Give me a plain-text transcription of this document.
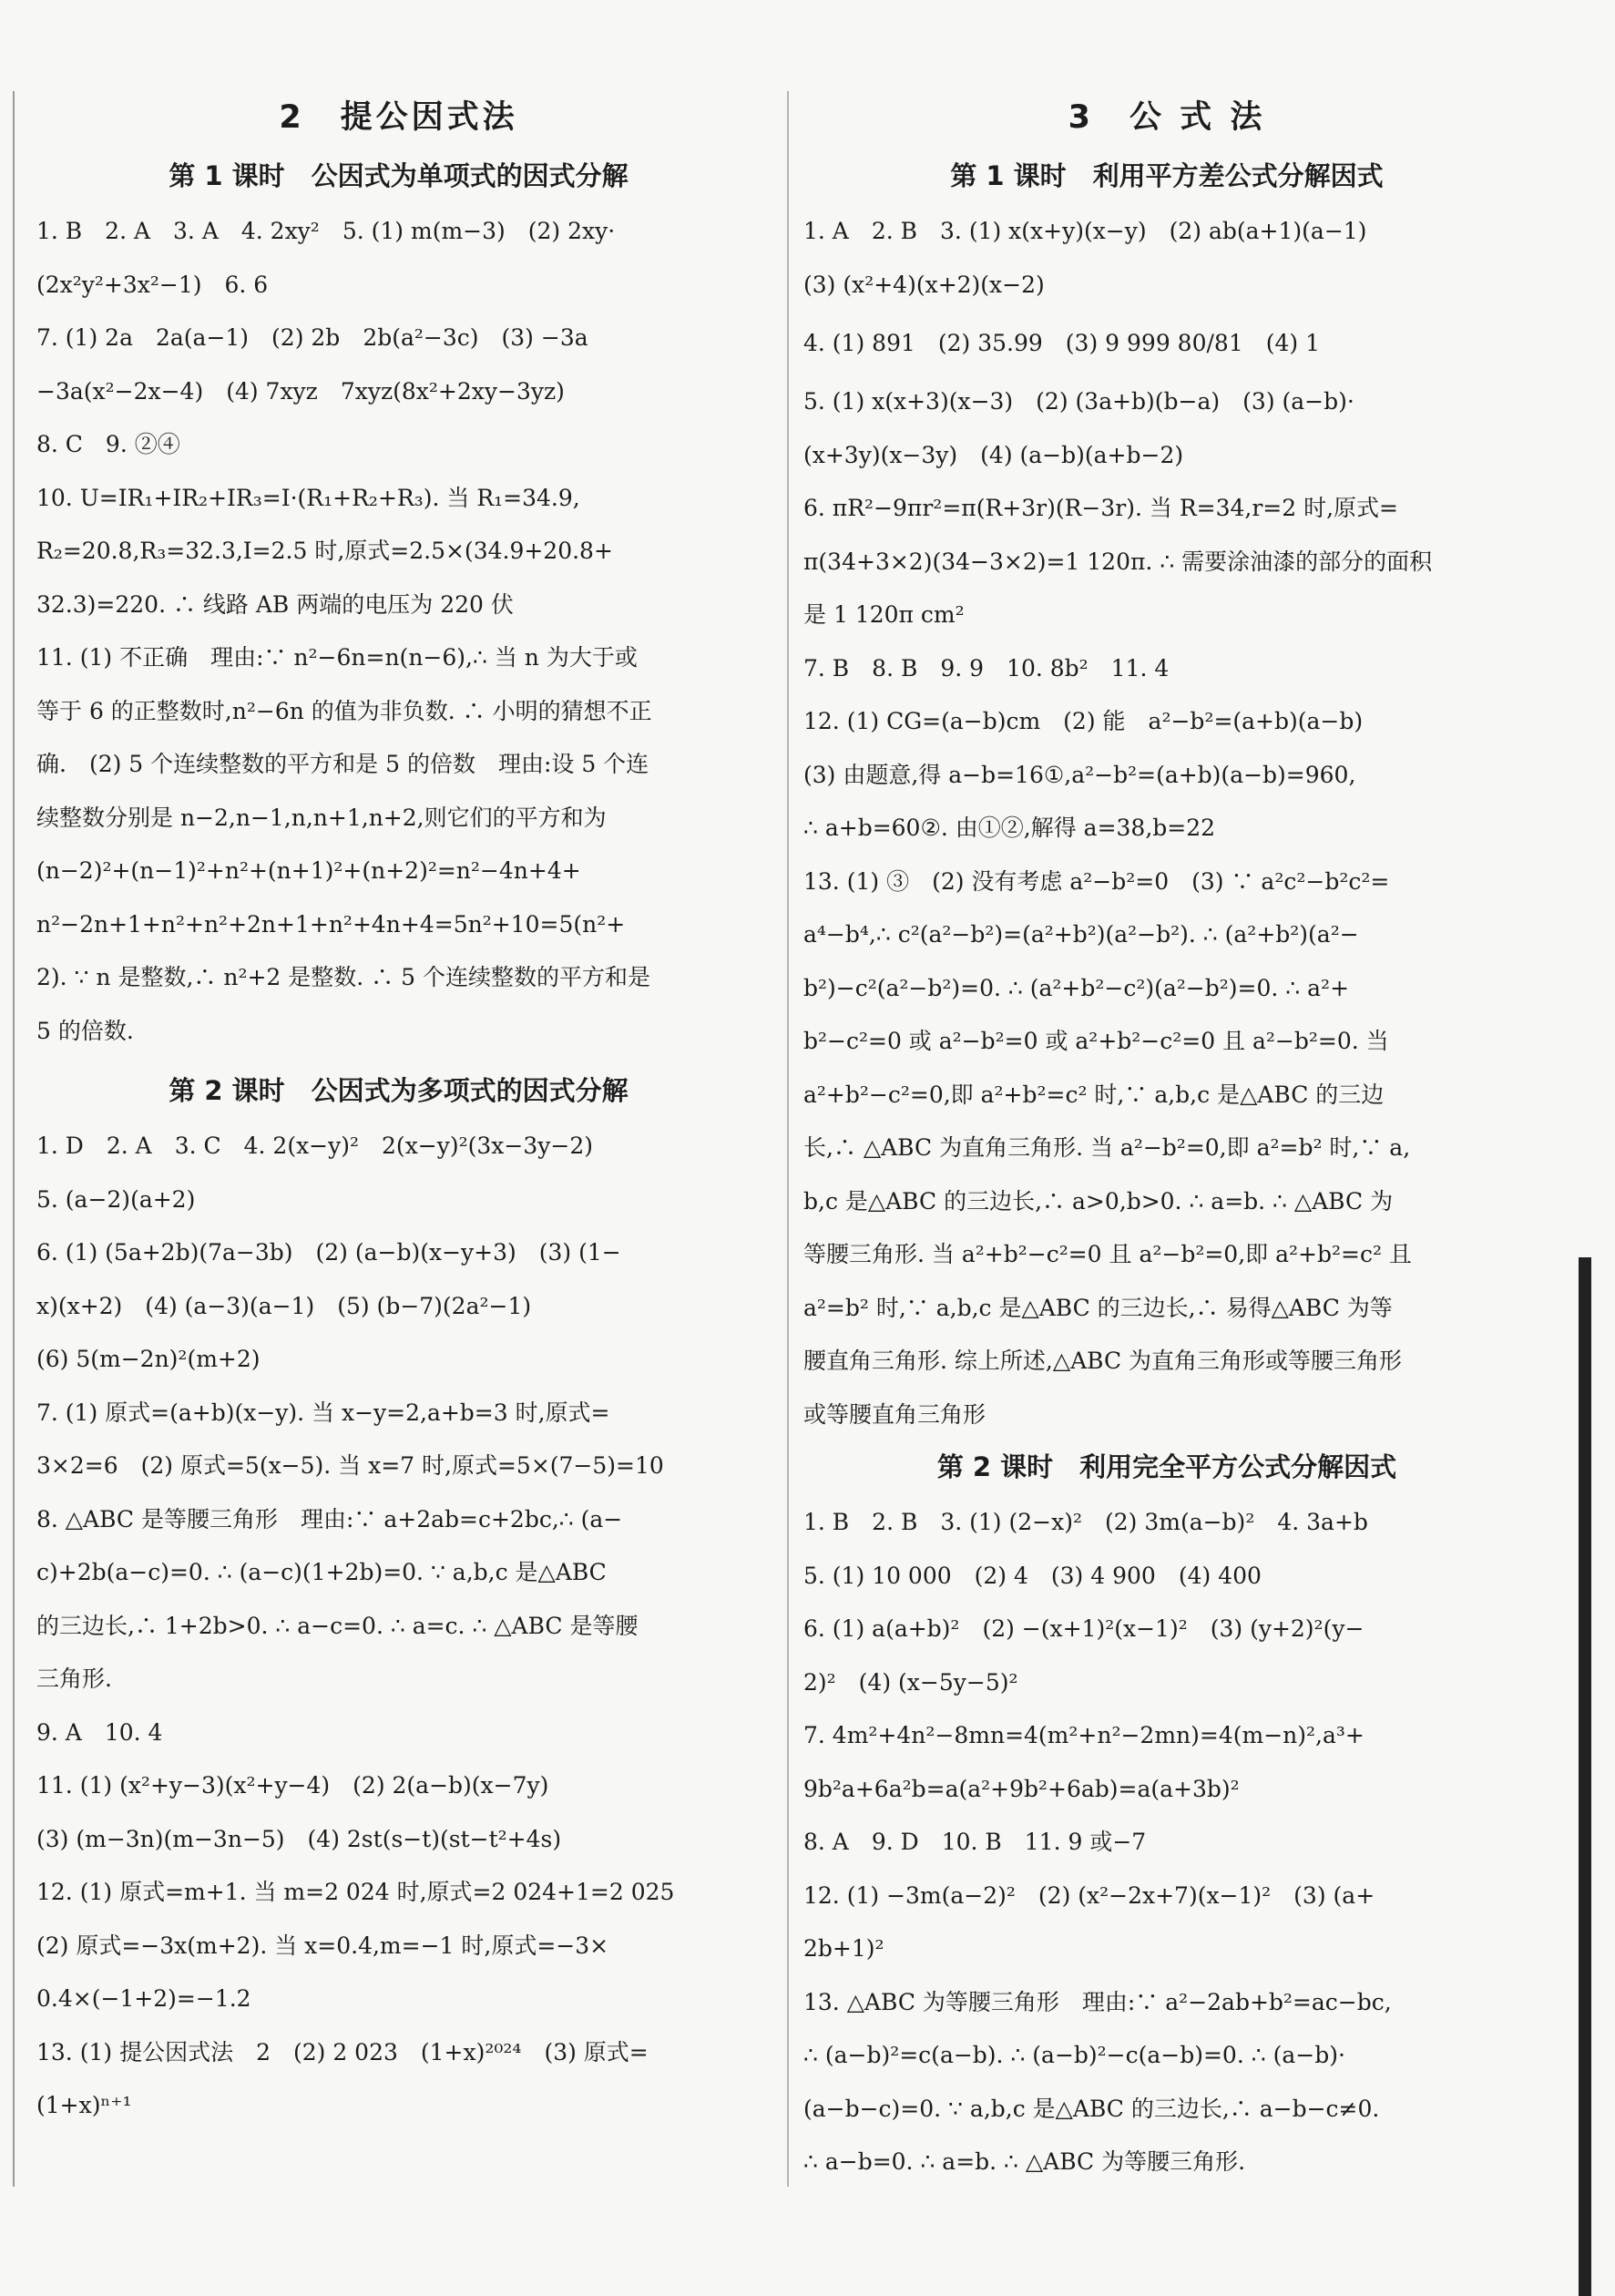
2　提公因式法
第 1 课时　公因式为单项式的因式分解
1. B　2. A　3. A　4. 2xy²　5. (1) m(m−3)　(2) 2xy·
(2x²y²+3x²−1)　6. 6
7. (1) 2a　2a(a−1)　(2) 2b　2b(a²−3c)　(3) −3a
−3a(x²−2x−4)　(4) 7xyz　7xyz(8x²+2xy−3yz)
8. C　9. ②④
10. U=IR₁+IR₂+IR₃=I·(R₁+R₂+R₃). 当 R₁=34.9,
R₂=20.8,R₃=32.3,I=2.5 时,原式=2.5×(34.9+20.8+
32.3)=220. ∴ 线路 AB 两端的电压为 220 伏
11. (1) 不正确　理由:∵ n²−6n=n(n−6),∴ 当 n 为大于或
等于 6 的正整数时,n²−6n 的值为非负数. ∴ 小明的猜想不正
确.　(2) 5 个连续整数的平方和是 5 的倍数　理由:设 5 个连
续整数分别是 n−2,n−1,n,n+1,n+2,则它们的平方和为
(n−2)²+(n−1)²+n²+(n+1)²+(n+2)²=n²−4n+4+
n²−2n+1+n²+n²+2n+1+n²+4n+4=5n²+10=5(n²+
2). ∵ n 是整数,∴ n²+2 是整数. ∴ 5 个连续整数的平方和是
5 的倍数.
第 2 课时　公因式为多项式的因式分解
1. D　2. A　3. C　4. 2(x−y)²　2(x−y)²(3x−3y−2)
5. (a−2)(a+2)
6. (1) (5a+2b)(7a−3b)　(2) (a−b)(x−y+3)　(3) (1−
x)(x+2)　(4) (a−3)(a−1)　(5) (b−7)(2a²−1)
(6) 5(m−2n)²(m+2)
7. (1) 原式=(a+b)(x−y). 当 x−y=2,a+b=3 时,原式=
3×2=6　(2) 原式=5(x−5). 当 x=7 时,原式=5×(7−5)=10
8. △ABC 是等腰三角形　理由:∵ a+2ab=c+2bc,∴ (a−
c)+2b(a−c)=0. ∴ (a−c)(1+2b)=0. ∵ a,b,c 是△ABC
的三边长,∴ 1+2b>0. ∴ a−c=0. ∴ a=c. ∴ △ABC 是等腰
三角形.
9. A　10. 4
11. (1) (x²+y−3)(x²+y−4)　(2) 2(a−b)(x−7y)
(3) (m−3n)(m−3n−5)　(4) 2st(s−t)(st−t²+4s)
12. (1) 原式=m+1. 当 m=2 024 时,原式=2 024+1=2 025
(2) 原式=−3x(m+2). 当 x=0.4,m=−1 时,原式=−3×
0.4×(−1+2)=−1.2
13. (1) 提公因式法　2　(2) 2 023　(1+x)²⁰²⁴　(3) 原式=
(1+x)ⁿ⁺¹
3　公 式 法
第 1 课时　利用平方差公式分解因式
1. A　2. B　3. (1) x(x+y)(x−y)　(2) ab(a+1)(a−1)
(3) (x²+4)(x+2)(x−2)
4. (1) 891　(2) 35.99　(3) 9 999 80/81　(4) 1
5. (1) x(x+3)(x−3)　(2) (3a+b)(b−a)　(3) (a−b)·
(x+3y)(x−3y)　(4) (a−b)(a+b−2)
6. πR²−9πr²=π(R+3r)(R−3r). 当 R=34,r=2 时,原式=
π(34+3×2)(34−3×2)=1 120π. ∴ 需要涂油漆的部分的面积
是 1 120π cm²
7. B　8. B　9. 9　10. 8b²　11. 4
12. (1) CG=(a−b)cm　(2) 能　a²−b²=(a+b)(a−b)
(3) 由题意,得 a−b=16①,a²−b²=(a+b)(a−b)=960,
∴ a+b=60②. 由①②,解得 a=38,b=22
13. (1) ③　(2) 没有考虑 a²−b²=0　(3) ∵ a²c²−b²c²=
a⁴−b⁴,∴ c²(a²−b²)=(a²+b²)(a²−b²). ∴ (a²+b²)(a²−
b²)−c²(a²−b²)=0. ∴ (a²+b²−c²)(a²−b²)=0. ∴ a²+
b²−c²=0 或 a²−b²=0 或 a²+b²−c²=0 且 a²−b²=0. 当
a²+b²−c²=0,即 a²+b²=c² 时,∵ a,b,c 是△ABC 的三边
长,∴ △ABC 为直角三角形. 当 a²−b²=0,即 a²=b² 时,∵ a,
b,c 是△ABC 的三边长,∴ a>0,b>0. ∴ a=b. ∴ △ABC 为
等腰三角形. 当 a²+b²−c²=0 且 a²−b²=0,即 a²+b²=c² 且
a²=b² 时,∵ a,b,c 是△ABC 的三边长,∴ 易得△ABC 为等
腰直角三角形. 综上所述,△ABC 为直角三角形或等腰三角形
或等腰直角三角形
第 2 课时　利用完全平方公式分解因式
1. B　2. B　3. (1) (2−x)²　(2) 3m(a−b)²　4. 3a+b
5. (1) 10 000　(2) 4　(3) 4 900　(4) 400
6. (1) a(a+b)²　(2) −(x+1)²(x−1)²　(3) (y+2)²(y−
2)²　(4) (x−5y−5)²
7. 4m²+4n²−8mn=4(m²+n²−2mn)=4(m−n)²,a³+
9b²a+6a²b=a(a²+9b²+6ab)=a(a+3b)²
8. A　9. D　10. B　11. 9 或−7
12. (1) −3m(a−2)²　(2) (x²−2x+7)(x−1)²　(3) (a+
2b+1)²
13. △ABC 为等腰三角形　理由:∵ a²−2ab+b²=ac−bc,
∴ (a−b)²=c(a−b). ∴ (a−b)²−c(a−b)=0. ∴ (a−b)·
(a−b−c)=0. ∵ a,b,c 是△ABC 的三边长,∴ a−b−c≠0.
∴ a−b=0. ∴ a=b. ∴ △ABC 为等腰三角形.
